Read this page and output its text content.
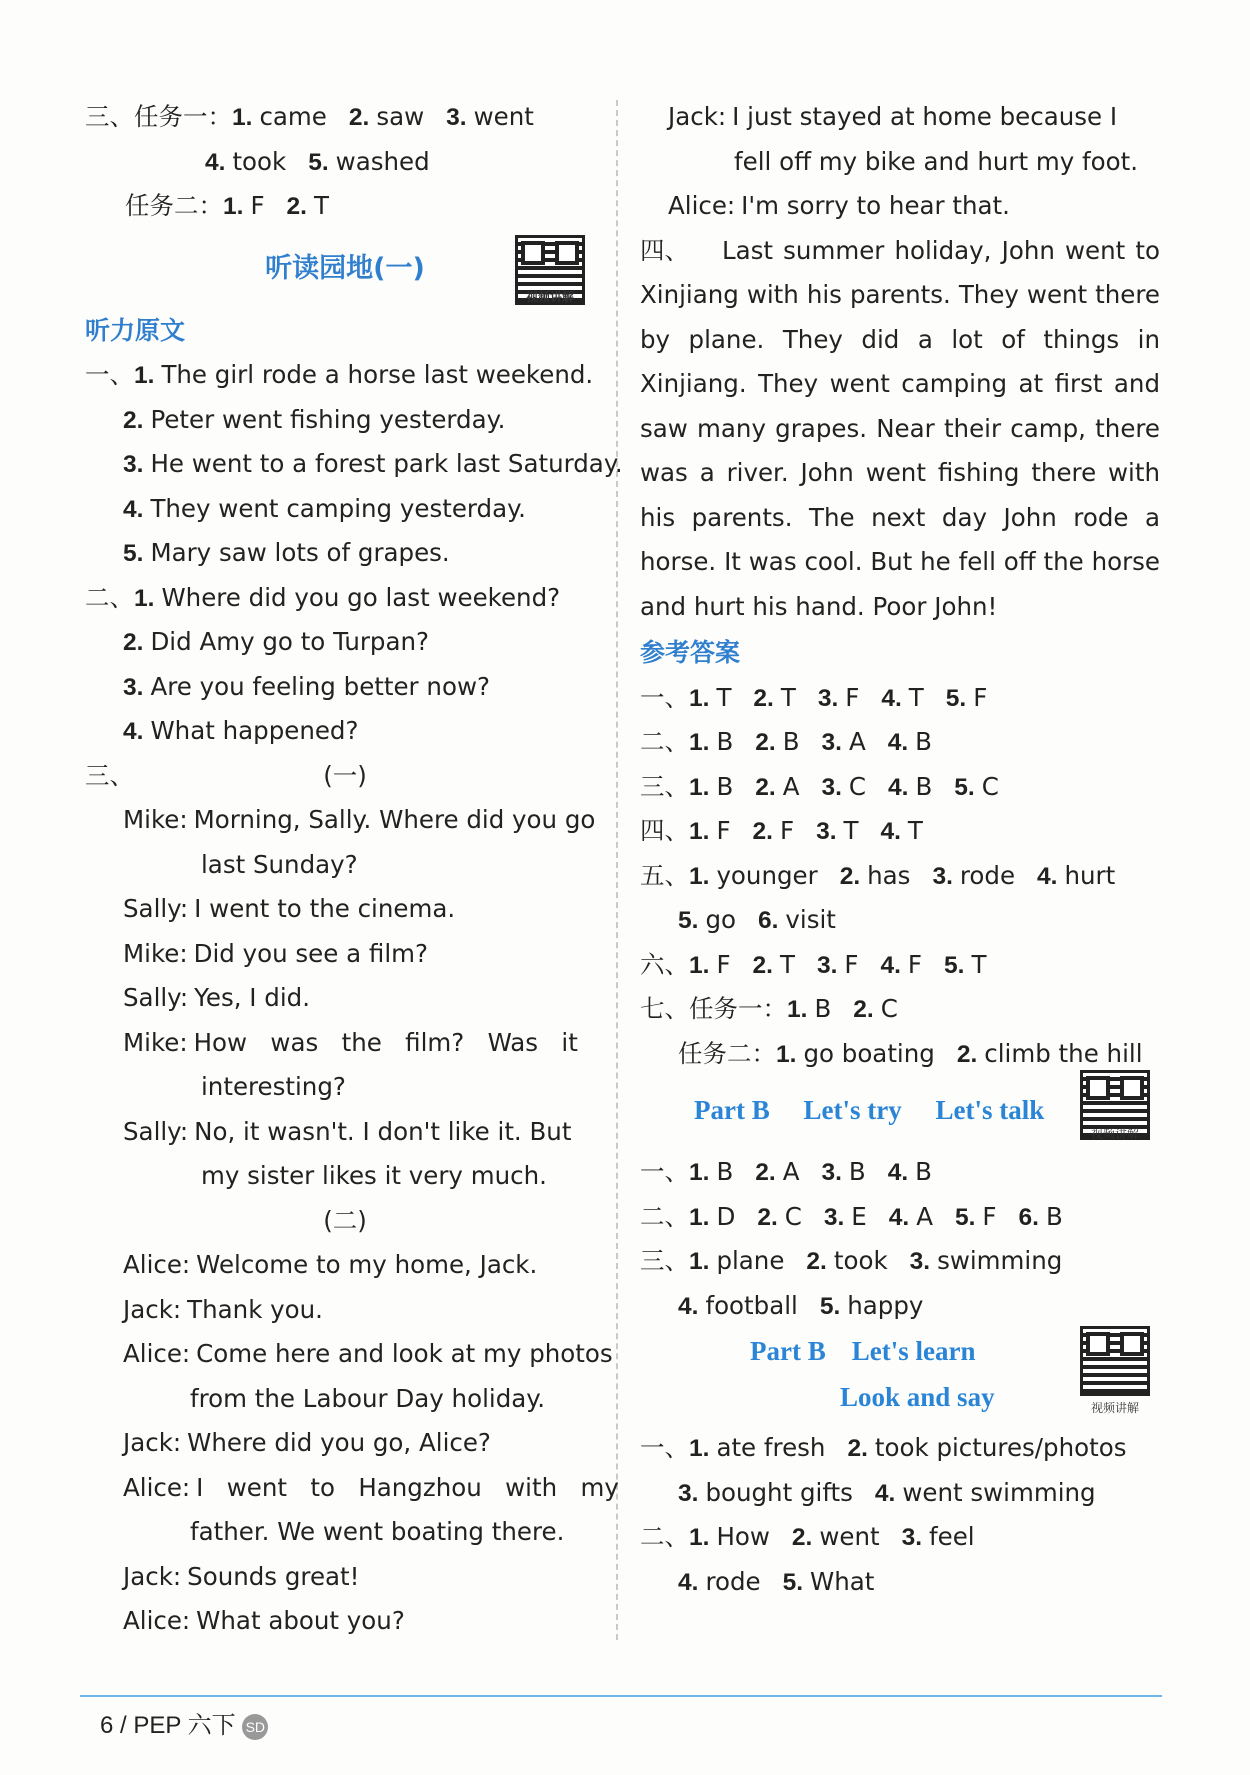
三、任务一：1. came 2. saw 3. went
4. took 5. washed
任务二：1. F 2. T
听读园地(一)
视频讲解
听力原文
一、1. The girl rode a horse last weekend.
2. Peter went fishing yesterday.
3. He went to a forest park last Saturday.
4. They went camping yesterday.
5. Mary saw lots of grapes.
二、1. Where did you go last weekend?
2. Did Amy go to Turpan?
3. Are you feeling better now?
4. What happened?
三、	(一)
Mike: Morning, Sally. Where did you go
last Sunday?
Sally: I went to the cinema.
Mike: Did you see a film?
Sally: Yes, I did.
Mike: How   was   the   film?   Was   it
interesting?
Sally: No, it wasn't. I don't like it. But
my sister likes it very much.
(二)
Alice: Welcome to my home, Jack.
Jack: Thank you.
Alice: Come here and look at my photos
from the Labour Day holiday.
Jack: Where did you go, Alice?
Alice: I   went   to   Hangzhou   with   my
father. We went boating there.
Jack: Sounds great!
Alice: What about you?
Jack: I just stayed at home because I
fell off my bike and hurt my foot.
Alice: I'm sorry to hear that.
四、 Last summer holiday, John went to Xinjiang with his parents. They went there by plane. They did a lot of things in Xinjiang. They went camping at first and saw many grapes. Near their camp, there was a river. John went fishing there with his parents. The next day John rode a horse. It was cool. But he fell off the horse and hurt his hand. Poor John!
参考答案
一、1. T 2. T 3. F 4. T 5. F
二、1. B 2. B 3. A 4. B
三、1. B 2. A 3. C 4. B 5. C
四、1. F 2. F 3. T 4. T
五、1. younger 2. has 3. rode 4. hurt
5. go 6. visit
六、1. F 2. T 3. F 4. F 5. T
七、任务一：1. B 2. C
任务二：1. go boating 2. climb the hill
Part B Let's try Let's talk
视频讲解
一、1. B 2. A 3. B 4. B
二、1. D 2. C 3. E 4. A 5. F 6. B
三、1. plane 2. took 3. swimming
4. football 5. happy
Part B Let's learn
Look and say	视频讲解
一、1. ate fresh 2. took pictures/photos
3. bought gifts 4. went swimming
二、1. How 2. went 3. feel
4. rode 5. What
6 / PEP 六下 SD
